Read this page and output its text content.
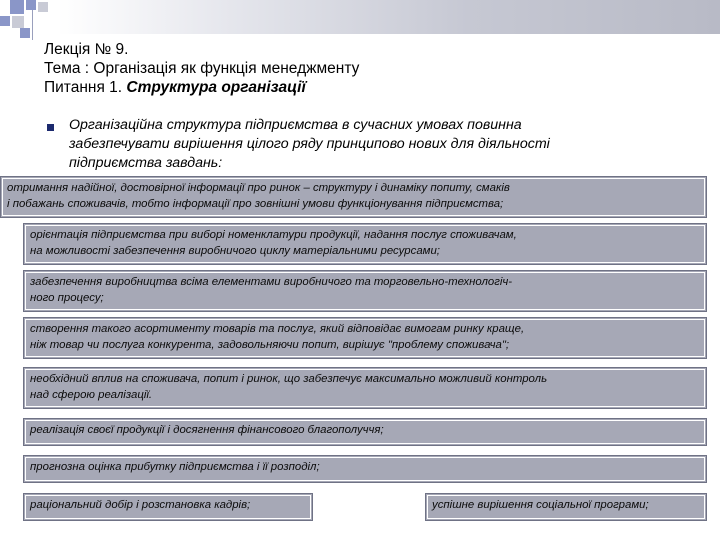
Лекція № 9.
Тема : Організація як функція менеджменту
Питання 1. Структура організації
Організаційна структура підприємства в сучасних умовах повинна
забезпечувати вирішення цілого ряду принципово нових для діяльності
підприємства завдань:
отримання надійної, достовірної інформації про ринок – структуру і динаміку попиту, смаків
і побажань споживачів, тобто інформації про зовнішні умови функціонування підприємства;
орієнтація підприємства при виборі номенклатури продукції, надання послуг споживачам,
на можливості забезпечення виробничого циклу матеріальними ресурсами;
забезпечення виробництва всіма елементами виробничого та торговельно-технологіч-
ного процесу;
створення такого асортименту товарів та послуг, який відповідає вимогам ринку краще,
ніж товар чи послуга конкурента, задовольняючи попит, вирішує "проблему споживача";
необхідний вплив на споживача, попит і ринок, що забезпечує максимально можливий контроль
над сферою реалізації.
реалізація своєї продукції і досягнення фінансового благополуччя;
прогнозна оцінка прибутку підприємства і її розподіл;
раціональний добір і розстановка кадрів;	успішне вирішення соціальної програми;
